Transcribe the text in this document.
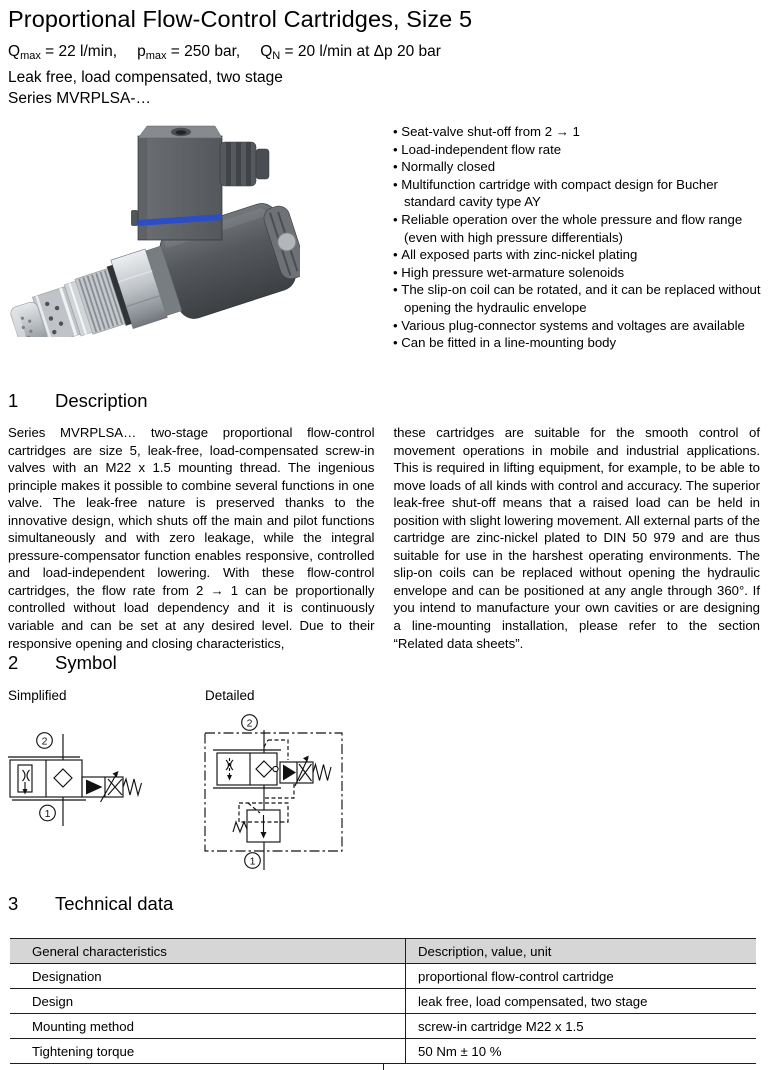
Proportional Flow-Control Cartridges, Size 5
$Q_{max} = 22$ l/min, $p_{max} = 250$ bar, $Q_N = 20$ l/min at Δp 20 bar
Leak free, load compensated, two stage
Series MVRPLSA-…
• Seat-valve shut-off from 2 → 1
• Load-independent flow rate
• Normally closed
• Multifunction cartridge with compact design for Bucher standard cavity type AY
• Reliable operation over the whole pressure and flow range (even with high pressure differentials)
• All exposed parts with zinc-nickel plating
• High pressure wet-armature solenoids
• The slip-on coil can be rotated, and it can be replaced without opening the hydraulic envelope
• Various plug-connector systems and voltages are available
• Can be fitted in a line-mounting body
1 Description

Series MVRPLSA… two-stage proportional flow-control cartridges are size 5, leak-free, load-compensated screw-in valves with an M22 x 1.5 mounting thread. The ingenious principle makes it possible to combine several functions in one valve. The leak-free nature is preserved thanks to the innovative design, which shuts off the main and pilot functions simultaneously and with zero leakage, while the integral pressure-compensator function enables responsive, controlled and load-independent lowering. With these flow-control cartridges, the flow rate from 2 → 1 can be proportionally controlled without load dependency and it is continuously variable and can be set at any desired level. Due to their responsive opening and closing characteristics,

these cartridges are suitable for the smooth control of movement operations in mobile and industrial applications. This is required in lifting equipment, for example, to be able to move loads of all kinds with control and accuracy. The superior leak-free shut-off means that a raised load can be held in position with slight lowering movement. All external parts of the cartridge are zinc-nickel plated to DIN 50 979 and are thus suitable for use in the harshest operating environments. The slip-on coils can be replaced without opening the hydraulic envelope and can be positioned at any angle through 360°. If you intend to manufacture your own cavities or are designing a line-mounting installation, please refer to the section “Related data sheets”.

2 Symbol
Simplified	Detailed
2
1
2
1
3 Technical data
General characteristics	Description, value, unit
Designation	proportional flow-control cartridge
Design	leak free, load compensated, two stage
Mounting method	screw-in cartridge M22 x 1.5
Tightening torque	50 Nm ± 10 %
